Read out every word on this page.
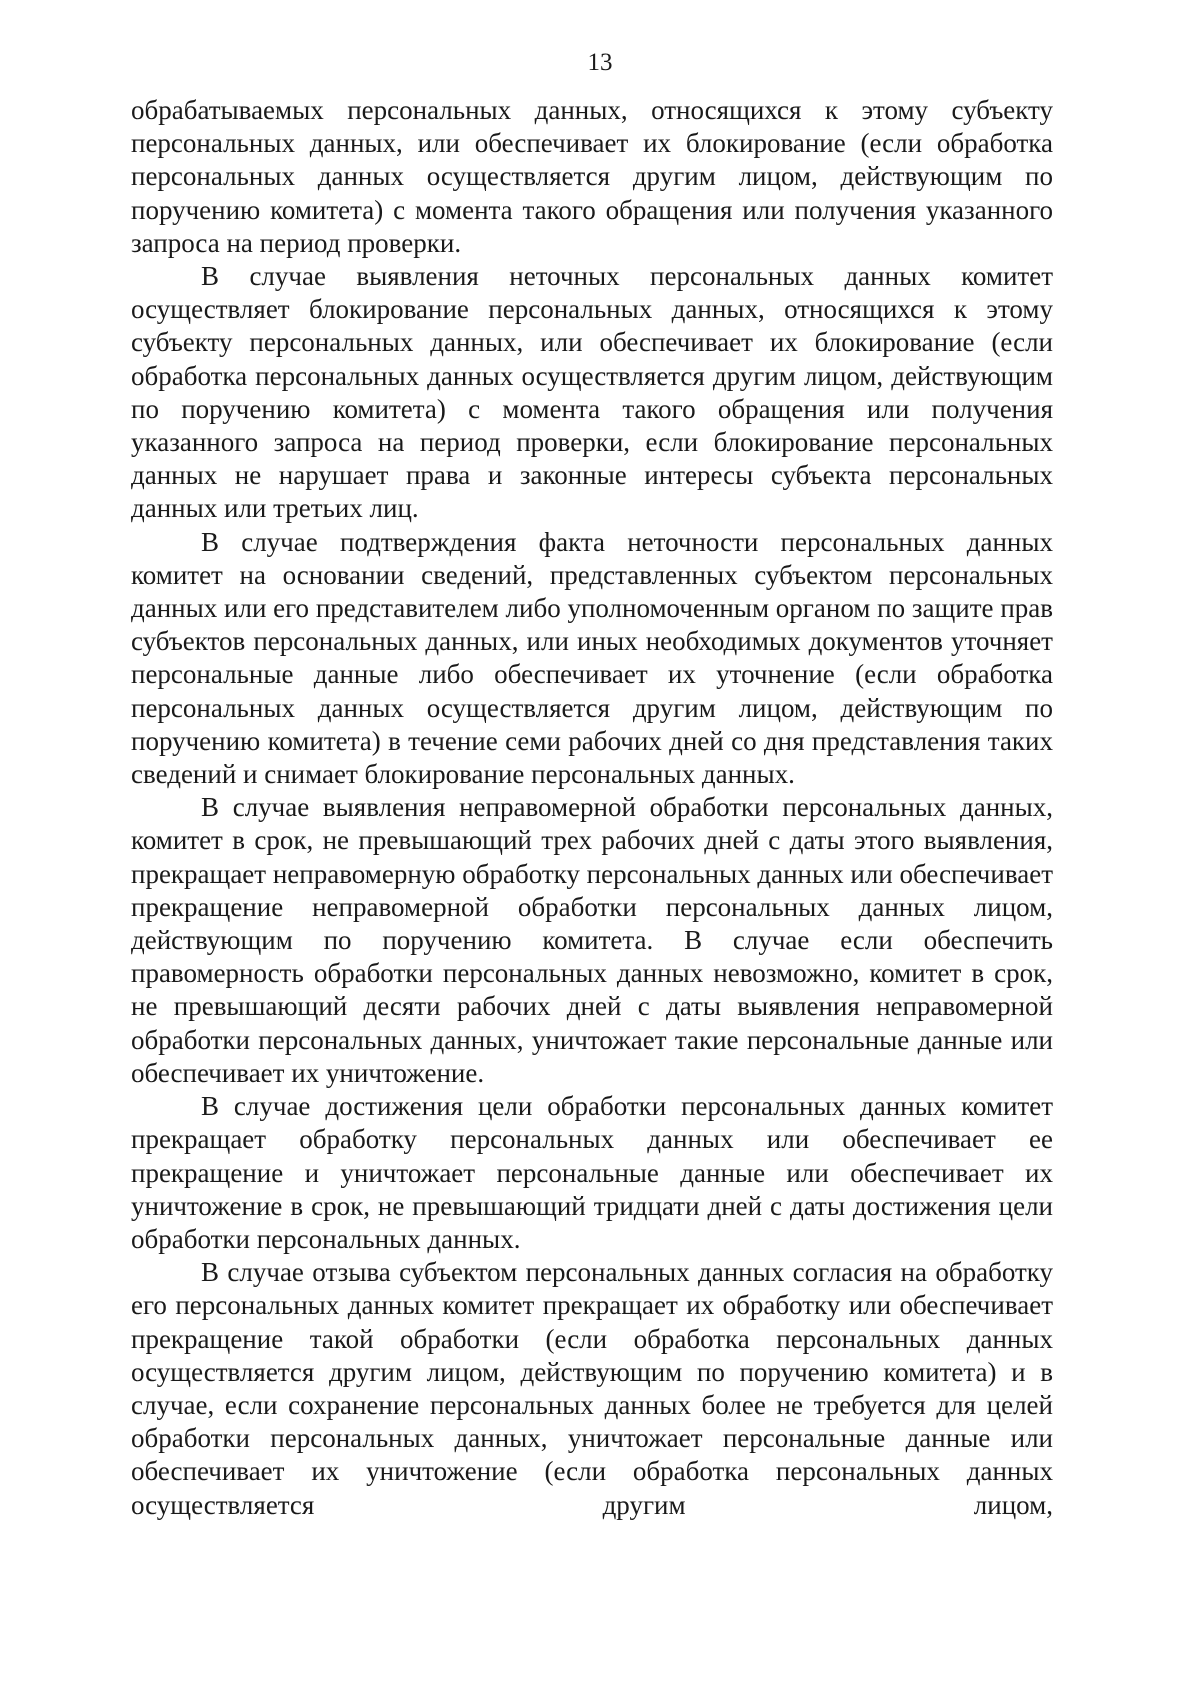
13

обрабатываемых персональных данных, относящихся к этому субъекту персональных данных, или обеспечивает их блокирование (если обработка персональных данных осуществляется другим лицом, действующим по поручению комитета) с момента такого обращения или получения указанного запроса на период проверки.

В случае выявления неточных персональных данных комитет осуществляет блокирование персональных данных, относящихся к этому субъекту персональных данных, или обеспечивает их блокирование (если обработка персональных данных осуществляется другим лицом, действующим по поручению комитета) с момента такого обращения или получения указанного запроса на период проверки, если блокирование персональных данных не нарушает права и законные интересы субъекта персональных данных или третьих лиц.

В случае подтверждения факта неточности персональных данных комитет на основании сведений, представленных субъектом персональных данных или его представителем либо уполномоченным органом по защите прав субъектов персональных данных, или иных необходимых документов уточняет персональные данные либо обеспечивает их уточнение (если обработка персональных данных осуществляется другим лицом, действующим по поручению комитета) в течение семи рабочих дней со дня представления таких сведений и снимает блокирование персональных данных.

В случае выявления неправомерной обработки персональных данных, комитет в срок, не превышающий трех рабочих дней с даты этого выявления, прекращает неправомерную обработку персональных данных или обеспечивает прекращение неправомерной обработки персональных данных лицом, действующим по поручению комитета. В случае если обеспечить правомерность обработки персональных данных невозможно, комитет в срок, не превышающий десяти рабочих дней с даты выявления неправомерной обработки персональных данных, уничтожает такие персональные данные или обеспечивает их уничтожение.

В случае достижения цели обработки персональных данных комитет прекращает обработку персональных данных или обеспечивает ее прекращение и уничтожает персональные данные или обеспечивает их уничтожение в срок, не превышающий тридцати дней с даты достижения цели обработки персональных данных.

В случае отзыва субъектом персональных данных согласия на обработку его персональных данных комитет прекращает их обработку или обеспечивает прекращение такой обработки (если обработка персональных данных осуществляется другим лицом, действующим по поручению комитета) и в случае, если сохранение персональных данных более не требуется для целей обработки персональных данных, уничтожает персональные данные или обеспечивает их уничтожение (если обработка персональных данных осуществляется другим лицом,
